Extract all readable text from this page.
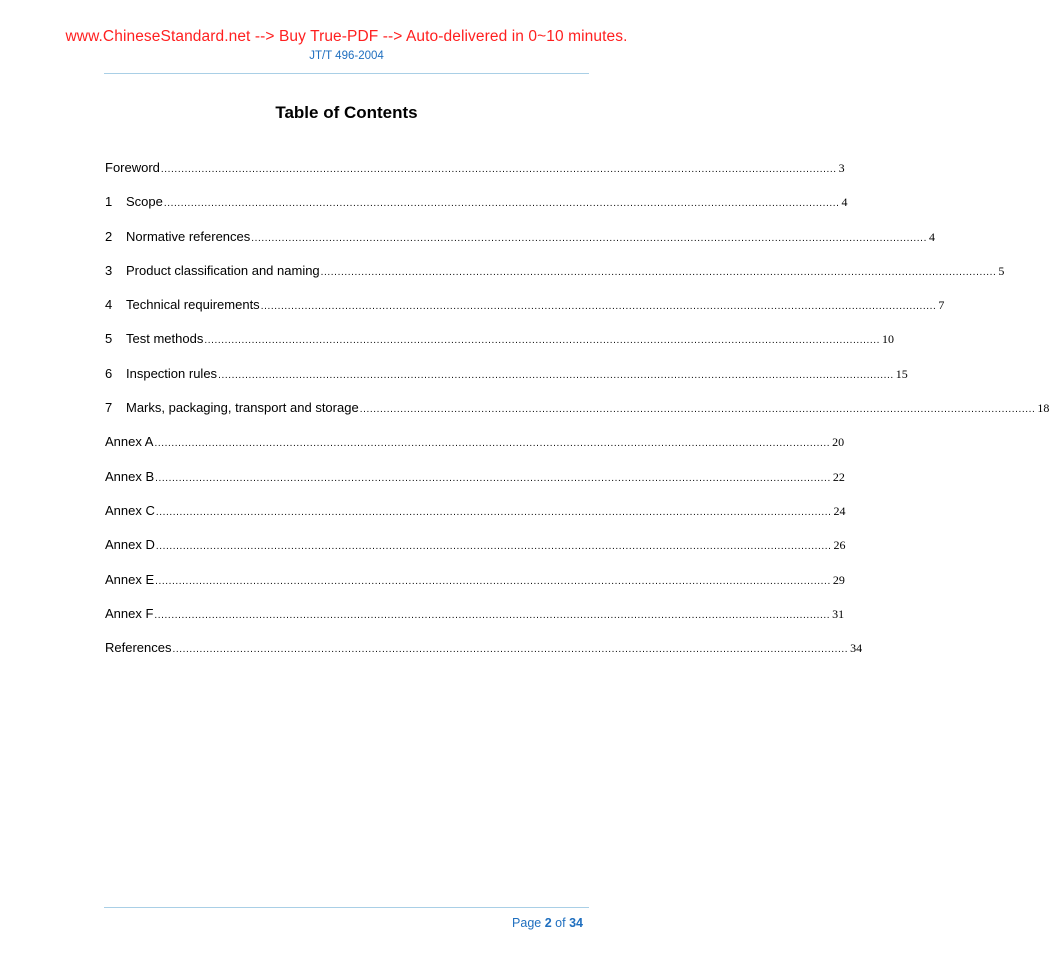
www.ChineseStandard.net --> Buy True-PDF --> Auto-delivered in 0~10 minutes.
JT/T 496-2004
Table of Contents
Foreword ........................................................................................................................................................................................................ 3
1	Scope ........................................................................................................................................................................................................ 4
2	Normative references ........................................................................................................................................................................................................ 4
3	Product classification and naming ........................................................................................................................................................................................................ 5
4	Technical requirements ........................................................................................................................................................................................................ 7
5	Test methods ........................................................................................................................................................................................................ 10
6	Inspection rules ........................................................................................................................................................................................................ 15
7	Marks, packaging, transport and storage ........................................................................................................................................................................................................ 18
Annex A ........................................................................................................................................................................................................ 20
Annex B ........................................................................................................................................................................................................ 22
Annex C ........................................................................................................................................................................................................ 24
Annex D ........................................................................................................................................................................................................ 26
Annex E ........................................................................................................................................................................................................ 29
Annex F ........................................................................................................................................................................................................ 31
References ........................................................................................................................................................................................................ 34
Page 2 of 34
